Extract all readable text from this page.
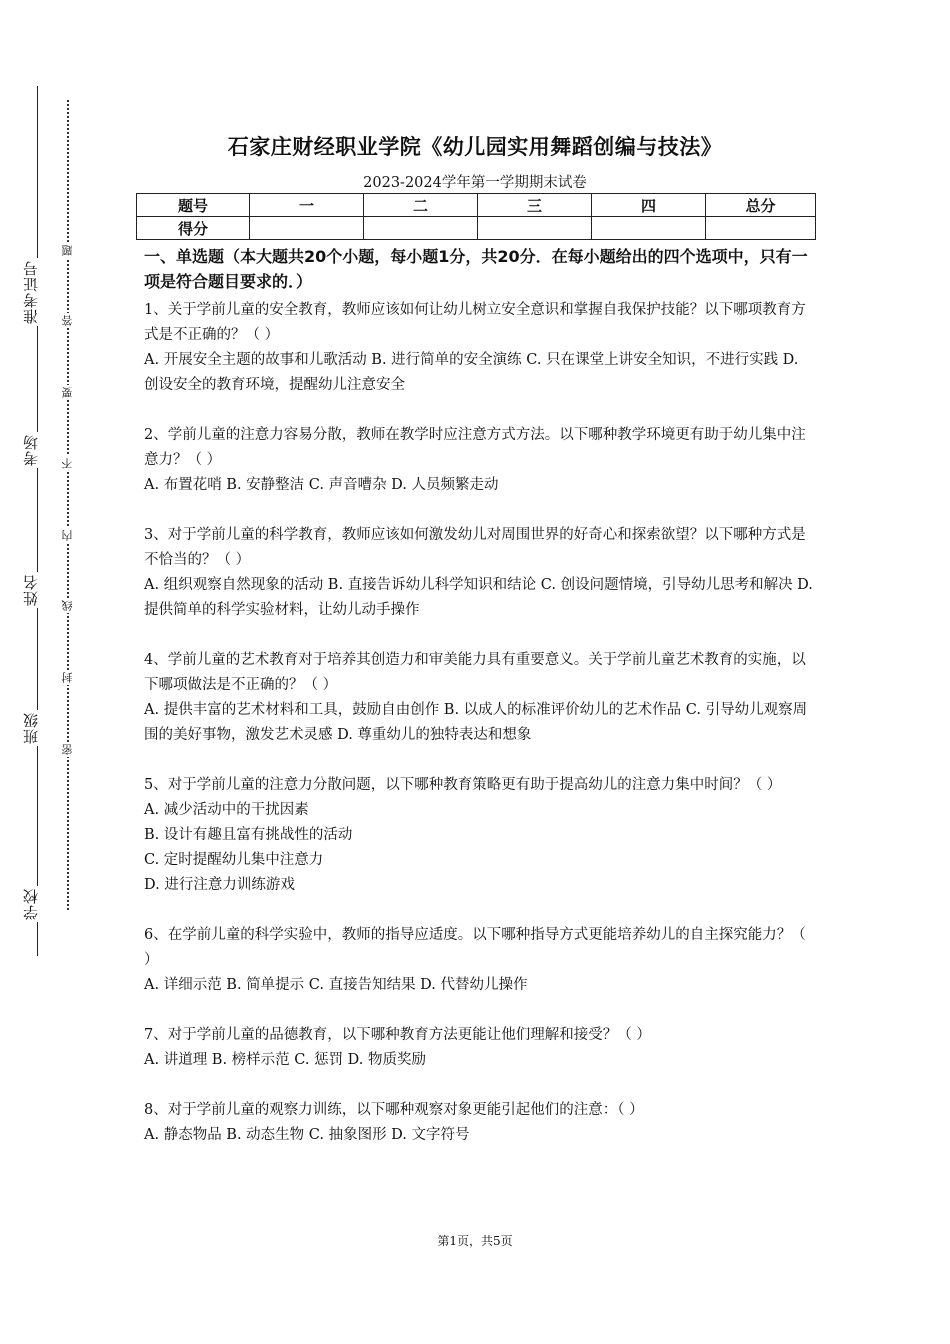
准考证号
考场
姓名
班级
学校
题
答
要
不
内
线
封
密
石家庄财经职业学院《幼儿园实用舞蹈创编与技法》
2023-2024学年第一学期期末试卷
题号	一	二	三	四	总分
得分					
一、单选题（本大题共20个小题，每小题1分，共20分．在每小题给出的四个选项中，只有一项是符合题目要求的．）

1、关于学前儿童的安全教育，教师应该如何让幼儿树立安全意识和掌握自我保护技能？以下哪项教育方式是不正确的？（ ）

A. 开展安全主题的故事和儿歌活动 B. 进行简单的安全演练 C. 只在课堂上讲安全知识，不进行实践 D. 创设安全的教育环境，提醒幼儿注意安全

2、学前儿童的注意力容易分散，教师在教学时应注意方式方法。以下哪种教学环境更有助于幼儿集中注意力？（ ）

A. 布置花哨 B. 安静整洁 C. 声音嘈杂 D. 人员频繁走动

3、对于学前儿童的科学教育，教师应该如何激发幼儿对周围世界的好奇心和探索欲望？以下哪种方式是不恰当的？（ ）

A. 组织观察自然现象的活动 B. 直接告诉幼儿科学知识和结论 C. 创设问题情境，引导幼儿思考和解决 D. 提供简单的科学实验材料，让幼儿动手操作

4、学前儿童的艺术教育对于培养其创造力和审美能力具有重要意义。关于学前儿童艺术教育的实施，以下哪项做法是不正确的？（ ）

A. 提供丰富的艺术材料和工具，鼓励自由创作 B. 以成人的标准评价幼儿的艺术作品 C. 引导幼儿观察周围的美好事物，激发艺术灵感 D. 尊重幼儿的独特表达和想象

5、对于学前儿童的注意力分散问题，以下哪种教育策略更有助于提高幼儿的注意力集中时间？（ ）

A. 减少活动中的干扰因素

B. 设计有趣且富有挑战性的活动

C. 定时提醒幼儿集中注意力

D. 进行注意力训练游戏

6、在学前儿童的科学实验中，教师的指导应适度。以下哪种指导方式更能培养幼儿的自主探究能力？（ ）

A. 详细示范 B. 简单提示 C. 直接告知结果 D. 代替幼儿操作

7、对于学前儿童的品德教育，以下哪种教育方法更能让他们理解和接受？（ ）

A. 讲道理 B. 榜样示范 C. 惩罚 D. 物质奖励

8、对于学前儿童的观察力训练，以下哪种观察对象更能引起他们的注意：（ ）

A. 静态物品 B. 动态生物 C. 抽象图形 D. 文字符号

第1页，共5页
